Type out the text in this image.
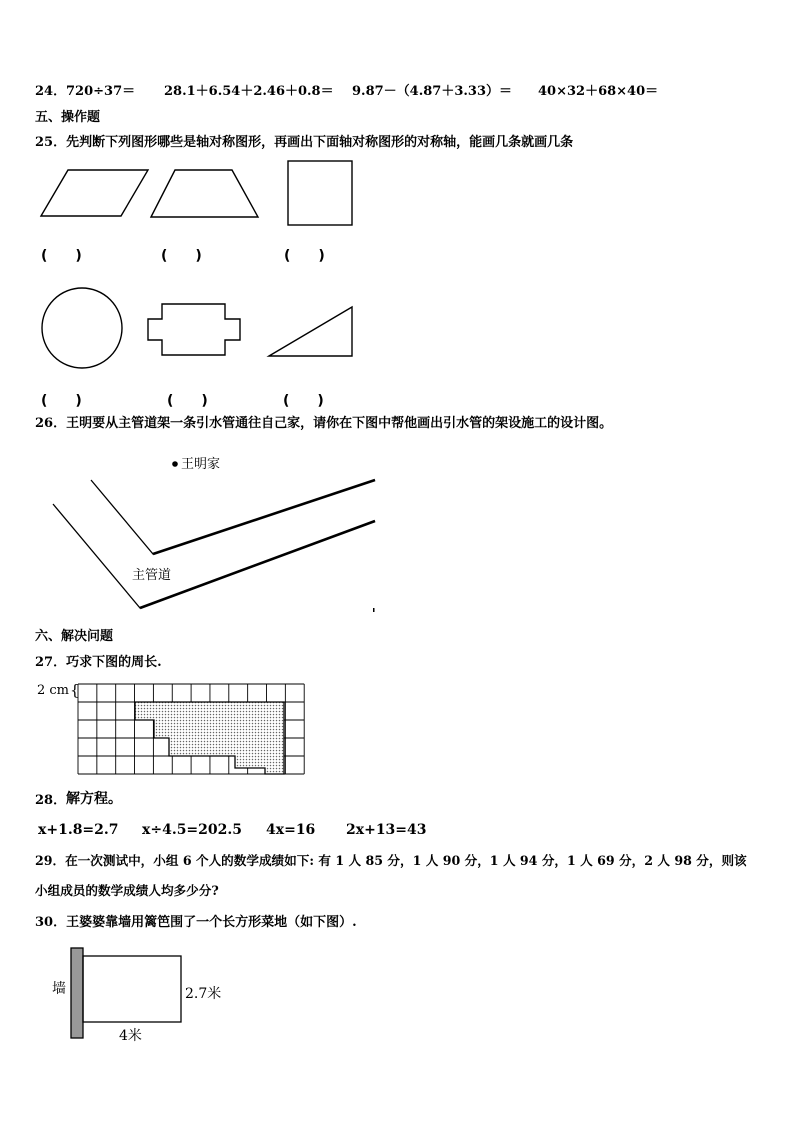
24． 720÷37＝ 28.1＋6.54＋2.46＋0.8＝ 9.87－（4.87＋3.33）＝ 40×32＋68×40＝
五、操作题
25．先判断下列图形哪些是轴对称图形，再画出下面轴对称图形的对称轴，能画几条就画几条
(　　)	(　　)	(　　)
(　　)	(　　)	(　　)
26．王明要从主管道架一条引水管通往自己家，请你在下图中帮他画出引水管的架设施工的设计图。
王明家
主管道
六、解决问题
27．巧求下图的周长.
2 cm {
28． 解方程。
x+1.8=2.7 x÷4.5=202.5 4x=16 2x+13=43
29．在一次测试中，小组 6 个人的数学成绩如下: 有 1 人 85 分，1 人 90 分，1 人 94 分，1 人 69 分，2 人 98 分，则该
小组成员的数学成绩人均多少分?
30．王婆婆靠墙用篱笆围了一个长方形菜地（如下图）.
墙	2.7米
4米
